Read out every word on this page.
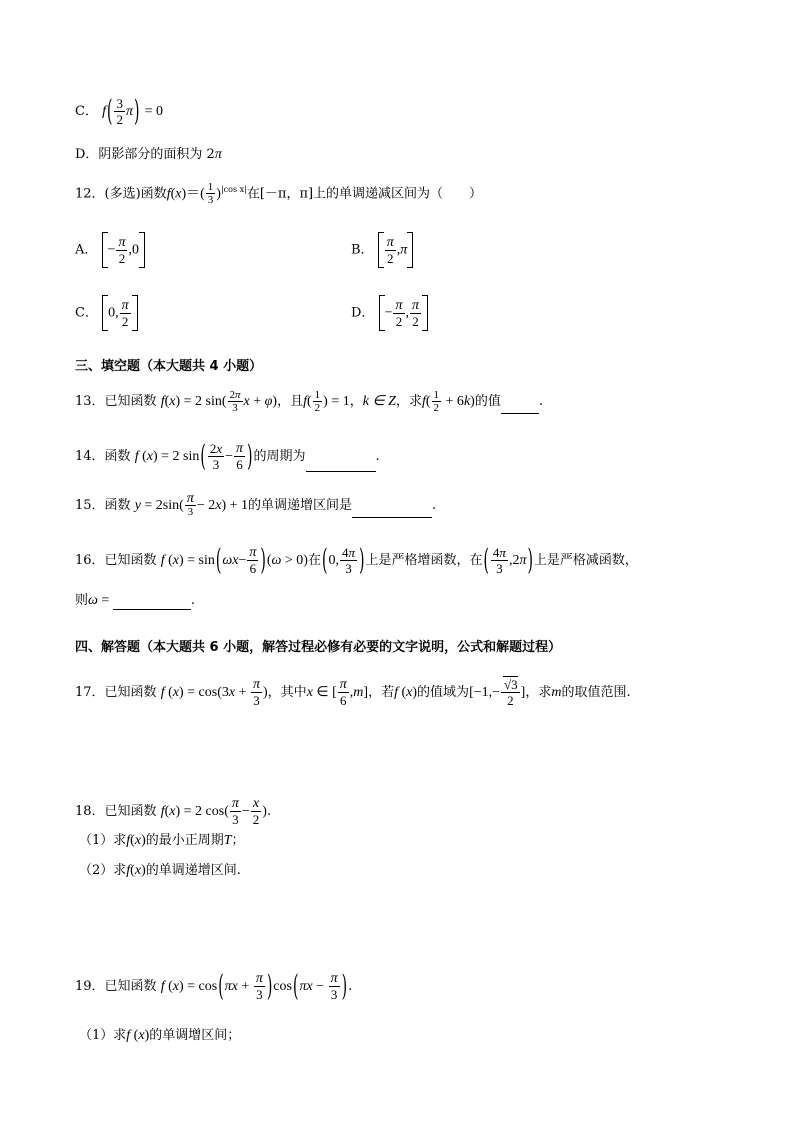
C． $f( \frac{3}{2} \pi) = 0$
D．阴影部分的面积为 2π
12．(多选)函数$f(x)=( \frac{1}{3} )^{|cos x|}$在[－π，π]上的单调递减区间为（　　）
A． − $\frac{\pi}{2} ,0$	B． $\frac{\pi}{2} ,\pi$
C． 0, $\frac{\pi}{2}$	D． − $\frac{\pi}{2}$ , $\frac{\pi}{2}$
三、填空题（本大题共 4 小题）
13．已知函数 f(x) = 2 $\sin( \frac{2\pi}{3}$ x + φ)，且$f( \frac{1}{2}$ ) = 1，k ∈ Z，求$f( \frac{1}{2} + 6k)$的值	.
14．函数 f (x) = 2 $\sin( \frac{2x}{3} - \frac{\pi}{6}$ )的周期为	.
15．函数 $y = 2\sin( \frac{\pi}{3} - 2x) + 1$的单调递增区间是	.
16．已知函数 f $(x) = \sin(\omega x- \frac{\pi}{6} )(\omega > 0)$在(0, $\frac{4\pi}{3}$ )上是严格增函数，在( $\frac{4\pi}{3} ,2\pi$)上是严格减函数，
则ω =	.
四、解答题（本大题共 6 小题，解答过程必修有必要的文字说明，公式和解题过程）
17．已知函数 f $(x) = \cos(3x + \frac{\pi}{3}$ )，其中x ∈ [ $\frac{\pi}{6} ,m$]，若f (x)的值域为[$-1,- \frac{√3}{2}$ ]，求m的取值范围.
18．已知函数 f(x) = 2 $\cos( \frac{\pi}{3} - \frac{x}{2}$ ).
（1）求f(x)的最小正周期T；
（2）求f(x)的单调递增区间.
19．已知函数 f $(x) = \cos(\pi x + \frac{\pi}{3} )\cos(\pi x - \frac{\pi}{3}$ ).
（1）求f (x)的单调增区间；
